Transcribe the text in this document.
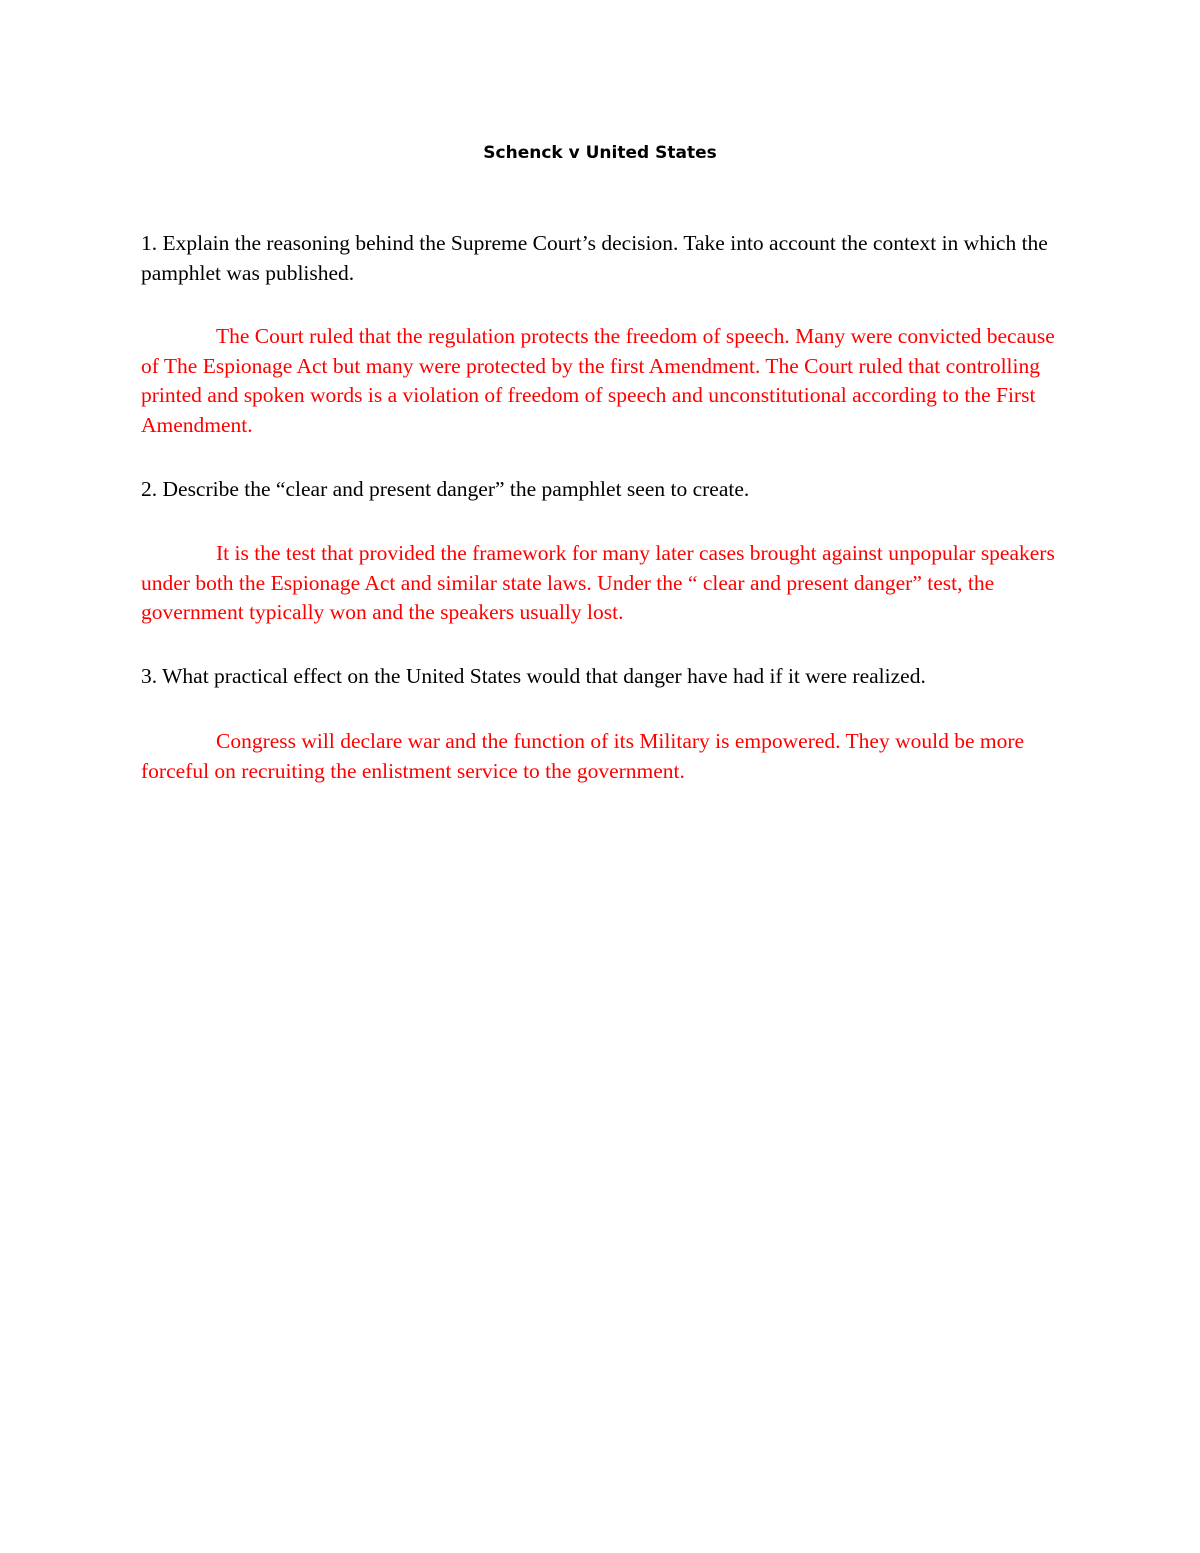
Schenck v United States

1. Explain the reasoning behind the Supreme Court’s decision. Take into account the context in which the pamphlet was published.

The Court ruled that the regulation protects the freedom of speech. Many were convicted because of The Espionage Act but many were protected by the first Amendment. The Court ruled that controlling printed and spoken words is a violation of freedom of speech and unconstitutional according to the First Amendment.

2. Describe the “clear and present danger” the pamphlet seen to create.

It is the test that provided the framework for many later cases brought against unpopular speakers under both the Espionage Act and similar state laws. Under the “ clear and present danger” test, the government typically won and the speakers usually lost.

3. What practical effect on the United States would that danger have had if it were realized.

Congress will declare war and the function of its Military is empowered. They would be more forceful on recruiting the enlistment service to the government.
